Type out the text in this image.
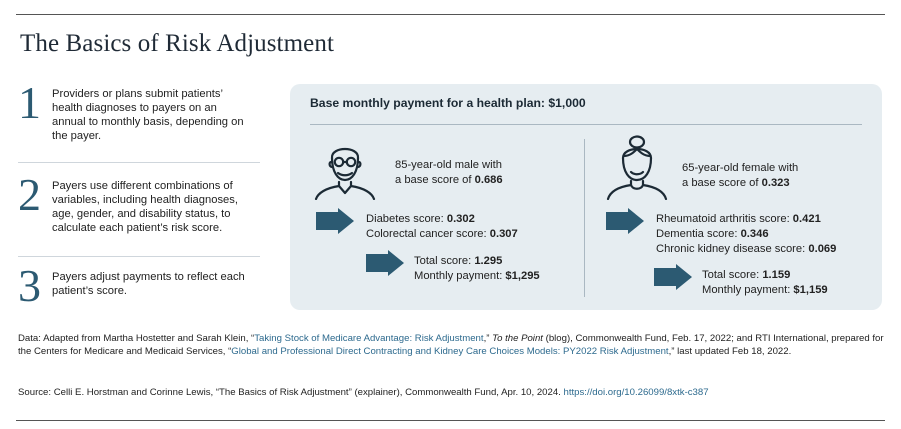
The Basics of Risk Adjustment
1 Providers or plans submit patients’ health diagnoses to payers on an annual to monthly basis, depending on the payer.
2 Payers use different combinations of variables, including health diagnoses, age, gender, and disability status, to calculate each patient’s risk score.
3 Payers adjust payments to reflect each patient’s score.
Base monthly payment for a health plan: $1,000
85-year-old male with
a base score of 0.686
Diabetes score: 0.302
Colorectal cancer score: 0.307
Total score: 1.295
Monthly payment: $1,295
65-year-old female with
a base score of 0.323
Rheumatoid arthritis score: 0.421
Dementia score: 0.346
Chronic kidney disease score: 0.069
Total score: 1.159
Monthly payment: $1,159
Data: Adapted from Martha Hostetter and Sarah Klein, “Taking Stock of Medicare Advantage: Risk Adjustment,” To the Point (blog), Commonwealth Fund, Feb. 17, 2022; and RTI International, prepared for the Centers for Medicare and Medicaid Services, “Global and Professional Direct Contracting and Kidney Care Choices Models: PY2022 Risk Adjustment,” last updated Feb 18, 2022.
Source: Celli E. Horstman and Corinne Lewis, “The Basics of Risk Adjustment” (explainer), Commonwealth Fund, Apr. 10, 2024. https://doi.org/10.26099/8xtk-c387
